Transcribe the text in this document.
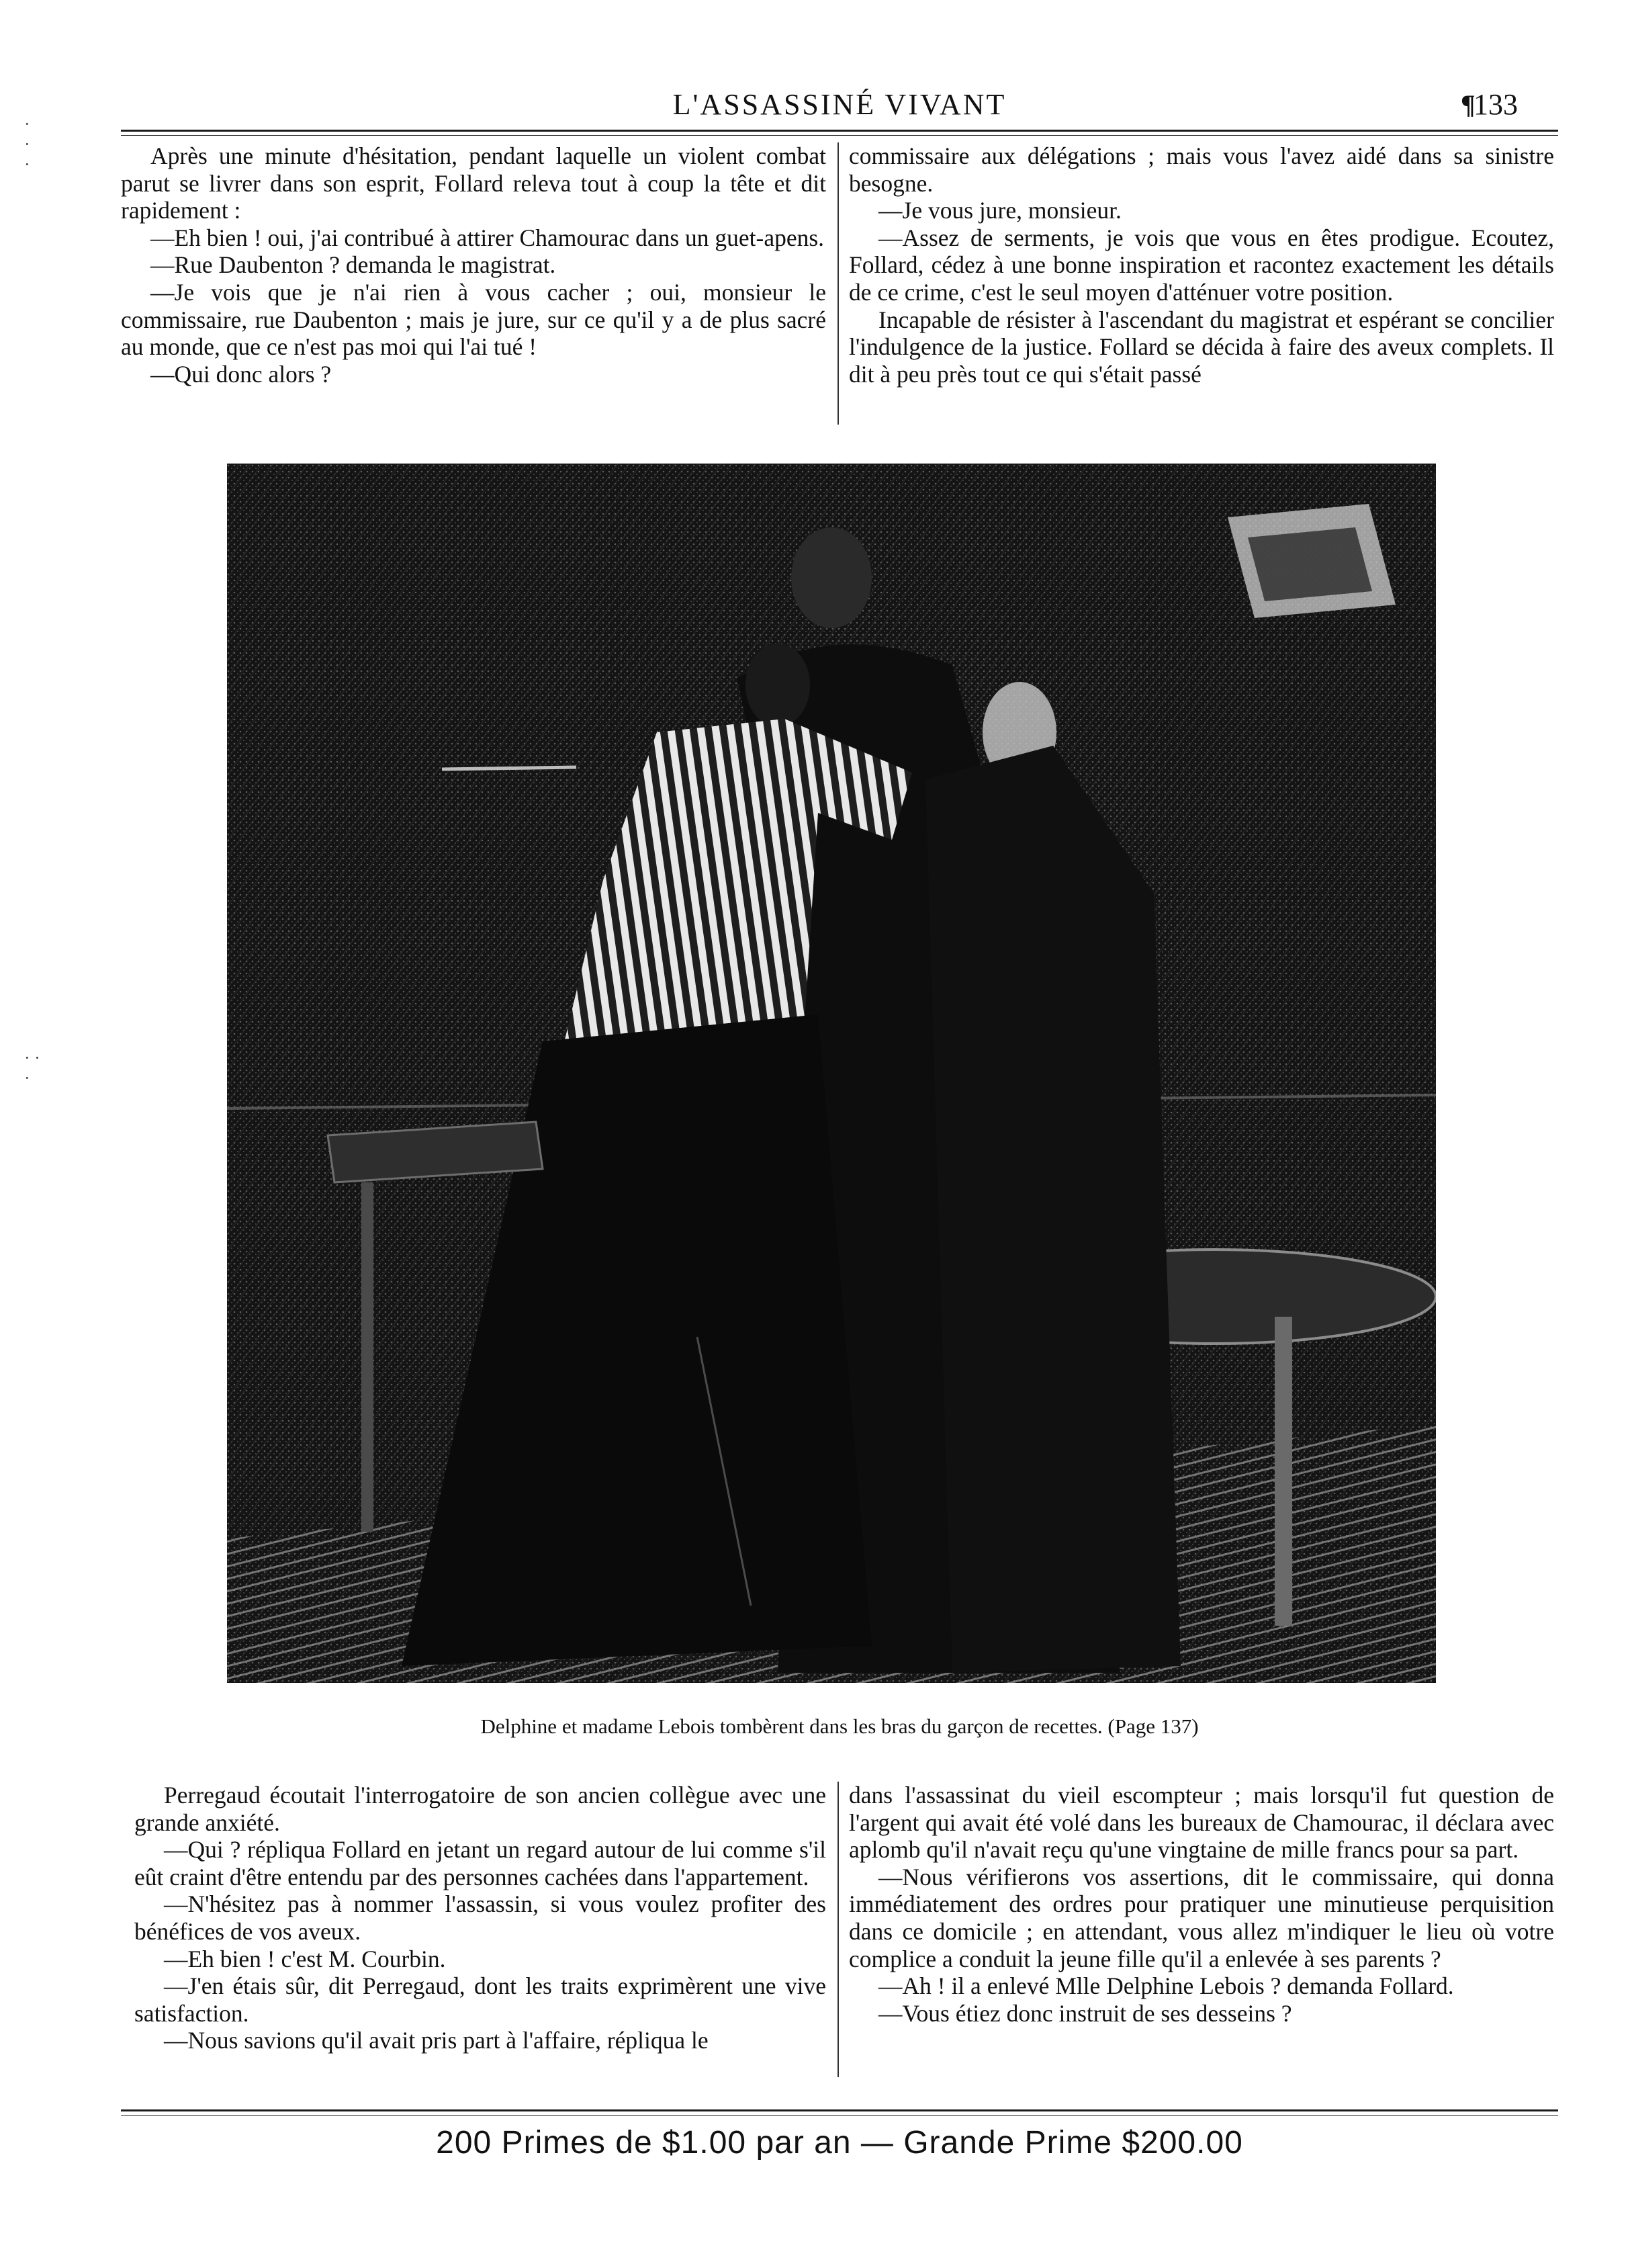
L'ASSASSINÉ VIVANT	¶
133

Après une minute d'hésitation, pendant laquelle un violent combat parut se livrer dans son esprit, Follard releva tout à coup la tête et dit rapidement :

—Eh bien ! oui, j'ai contribué à attirer Chamourac dans un guet-apens.

—Rue Daubenton ? demanda le magistrat.

—Je vois que je n'ai rien à vous cacher ; oui, monsieur le commissaire, rue Daubenton ; mais je jure, sur ce qu'il y a de plus sacré au monde, que ce n'est pas moi qui l'ai tué !

—Qui donc alors ?

commissaire aux délégations ; mais vous l'avez aidé dans sa sinistre besogne.

—Je vous jure, monsieur.

—Assez de serments, je vois que vous en êtes prodigue. Ecoutez, Follard, cédez à une bonne inspiration et racontez exactement les détails de ce crime, c'est le seul moyen d'atténuer votre position.

Incapable de résister à l'ascendant du magistrat et espérant se concilier l'indulgence de la justice. Follard se décida à faire des aveux complets. Il dit à peu près tout ce qui s'était passé

Delphine et madame Lebois tombèrent dans les bras du garçon de recettes. (Page 137)

Perregaud écoutait l'interrogatoire de son ancien collègue avec une grande anxiété.

—Qui ? répliqua Follard en jetant un regard autour de lui comme s'il eût craint d'être entendu par des personnes cachées dans l'appartement.

—N'hésitez pas à nommer l'assassin, si vous voulez profiter des bénéfices de vos aveux.

—Eh bien ! c'est M. Courbin.

—J'en étais sûr, dit Perregaud, dont les traits exprimèrent une vive satisfaction.

—Nous savions qu'il avait pris part à l'affaire, répliqua le

dans l'assassinat du vieil escompteur ; mais lorsqu'il fut question de l'argent qui avait été volé dans les bureaux de Chamourac, il déclara avec aplomb qu'il n'avait reçu qu'une vingtaine de mille francs pour sa part.

—Nous vérifierons vos assertions, dit le commissaire, qui donna immédiatement des ordres pour pratiquer une minutieuse perquisition dans ce domicile ; en attendant, vous allez m'indiquer le lieu où votre complice a conduit la jeune fille qu'il a enlevée à ses parents ?

—Ah ! il a enlevé Mlle Delphine Lebois ? demanda Follard.

—Vous étiez donc instruit de ses desseins ?

200 Primes de $1.00 par an — Grande Prime $200.00
·
·
·
· ·
·
